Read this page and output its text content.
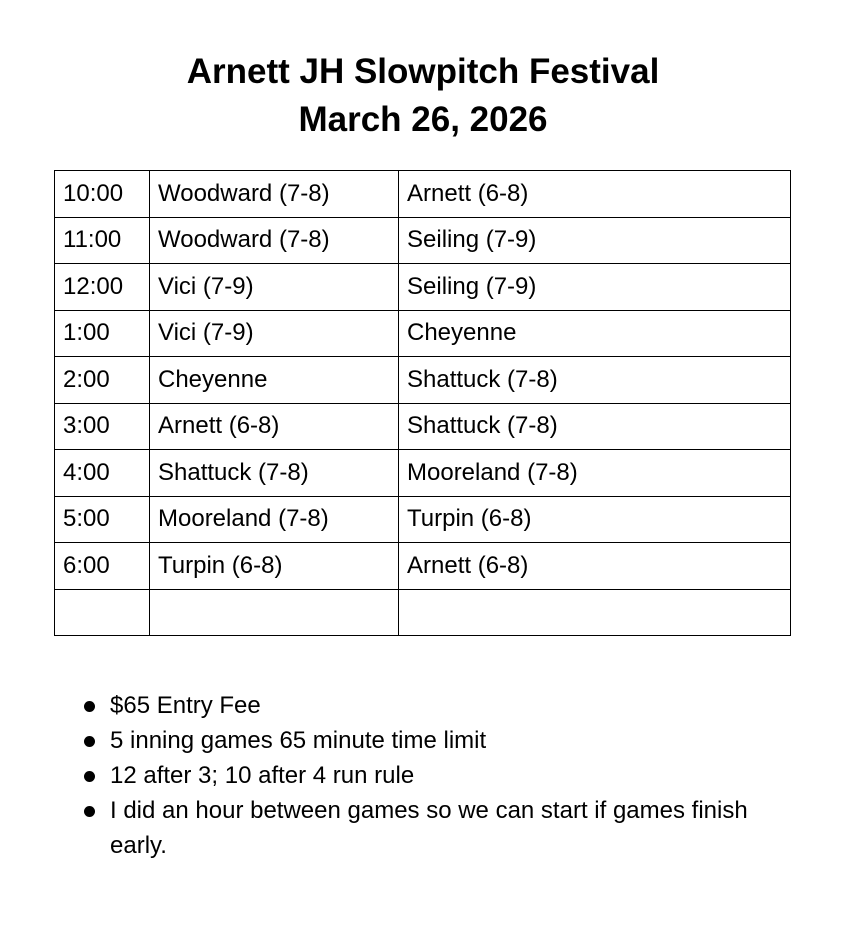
Arnett JH Slowpitch Festival
March 26, 2026
10:00	Woodward (7-8)	Arnett (6-8)
11:00	Woodward (7-8)	Seiling (7-9)
12:00	Vici (7-9)	Seiling (7-9)
1:00	Vici (7-9)	Cheyenne
2:00	Cheyenne	Shattuck (7-8)
3:00	Arnett (6-8)	Shattuck (7-8)
4:00	Shattuck (7-8)	Mooreland (7-8)
5:00	Mooreland (7-8)	Turpin (6-8)
6:00	Turpin (6-8)	Arnett (6-8)

$65 Entry Fee
5 inning games 65 minute time limit
12 after 3; 10 after 4 run rule
I did an hour between games so we can start if games finish early.
